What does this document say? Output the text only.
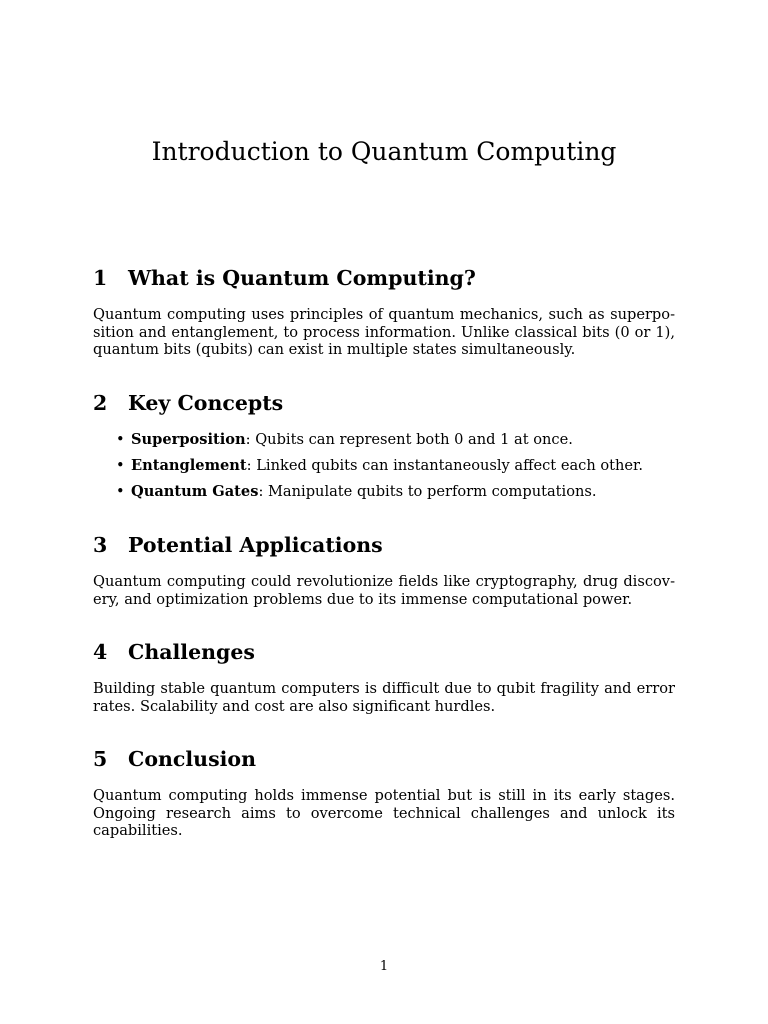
Introduction to Quantum Computing
1 What is Quantum Computing?

Quantum computing uses principles of quantum mechanics, such as superposition and entanglement, to process information. Unlike classical bits (0 or 1), quantum bits (qubits) can exist in multiple states simultaneously.

2 Key Concepts
• Superposition: Qubits can represent both 0 and 1 at once.
• Entanglement: Linked qubits can instantaneously affect each other.
• Quantum Gates: Manipulate qubits to perform computations.
3 Potential Applications

Quantum computing could revolutionize fields like cryptography, drug discovery, and optimization problems due to its immense computational power.

4 Challenges

Building stable quantum computers is difficult due to qubit fragility and error rates. Scalability and cost are also significant hurdles.

5 Conclusion

Quantum computing holds immense potential but is still in its early stages. Ongoing research aims to overcome technical challenges and unlock its capabilities.

1
